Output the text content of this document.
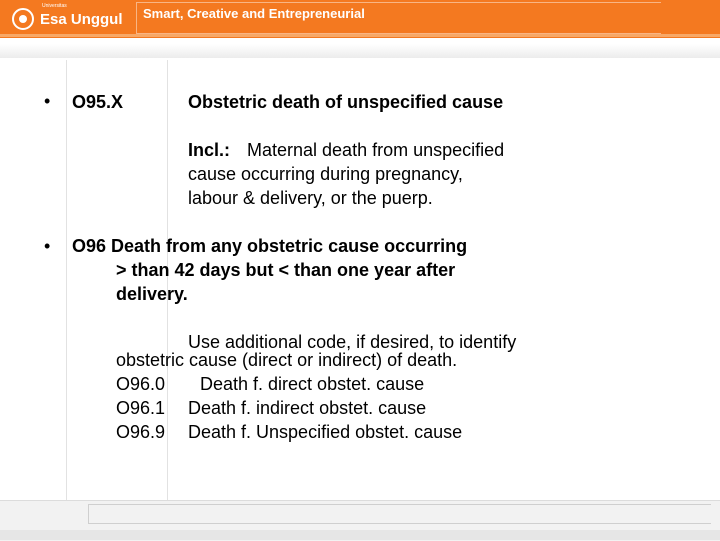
Esa Unggul
Universitas	Smart, Creative and Entrepreneurial
• O95.X	Obstetric death of unspecified cause
Incl.: Maternal death from unspecified
cause occurring during pregnancy,
labour & delivery, or the puerp.
• O96 Death from any obstetric cause occurring
> than 42 days but < than one year after
delivery.
Use additional code, if desired, to identify
obstetric cause (direct or indirect) of death.
O96.0 Death f. direct obstet. cause
O96.1 Death f. indirect obstet. cause
O96.9 Death f. Unspecified obstet. cause
